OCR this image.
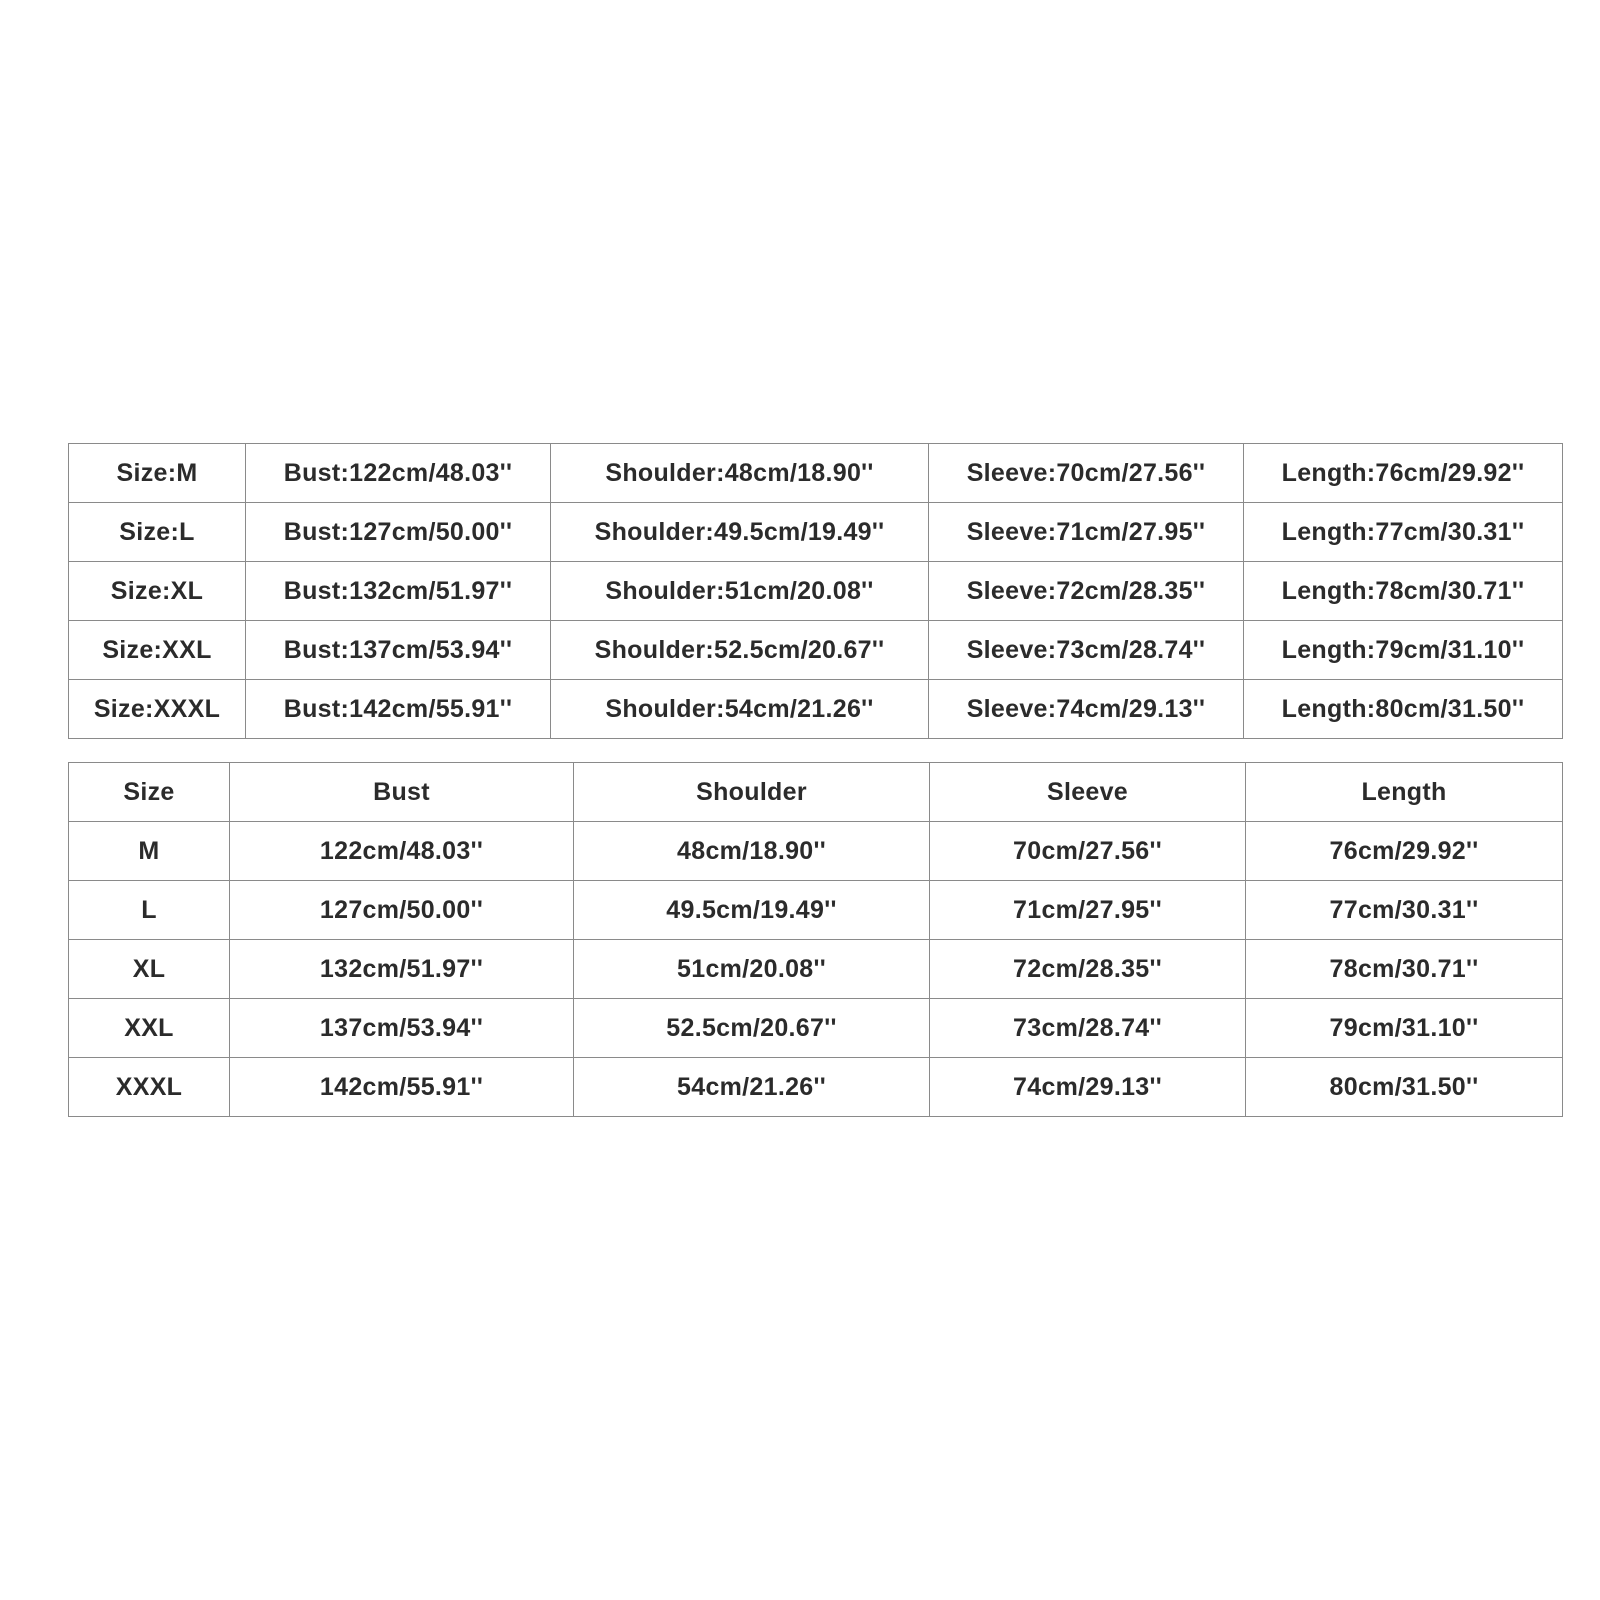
Size:M	Bust:122cm/48.03''	Shoulder:48cm/18.90''	Sleeve:70cm/27.56''	Length:76cm/29.92''
Size:L	Bust:127cm/50.00''	Shoulder:49.5cm/19.49''	Sleeve:71cm/27.95''	Length:77cm/30.31''
Size:XL	Bust:132cm/51.97''	Shoulder:51cm/20.08''	Sleeve:72cm/28.35''	Length:78cm/30.71''
Size:XXL	Bust:137cm/53.94''	Shoulder:52.5cm/20.67''	Sleeve:73cm/28.74''	Length:79cm/31.10''
Size:XXXL	Bust:142cm/55.91''	Shoulder:54cm/21.26''	Sleeve:74cm/29.13''	Length:80cm/31.50''
Size	Bust	Shoulder	Sleeve	Length
M	122cm/48.03''	48cm/18.90''	70cm/27.56''	76cm/29.92''
L	127cm/50.00''	49.5cm/19.49''	71cm/27.95''	77cm/30.31''
XL	132cm/51.97''	51cm/20.08''	72cm/28.35''	78cm/30.71''
XXL	137cm/53.94''	52.5cm/20.67''	73cm/28.74''	79cm/31.10''
XXXL	142cm/55.91''	54cm/21.26''	74cm/29.13''	80cm/31.50''
